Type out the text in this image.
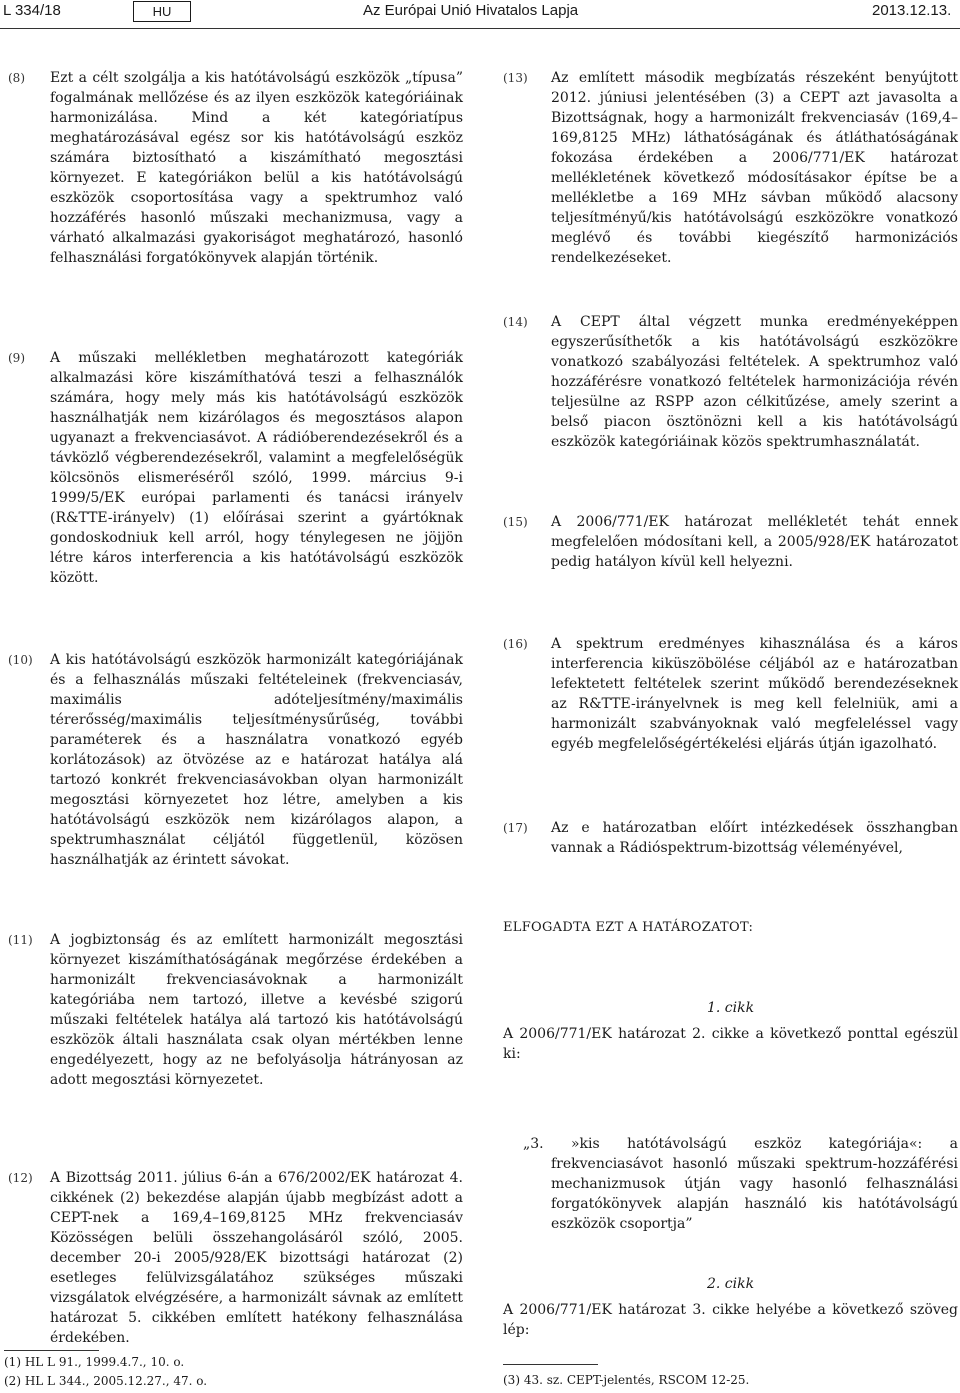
L 334/18	HU	Az Európai Unió Hivatalos Lapja	2013.12.13.
(8) Ezt a célt szolgálja a kis hatótávolságú eszközök „típusa” fogalmának mellőzése és az ilyen eszközök kategóriáinak harmonizálása. Mind a két kategóriatípus meghatározásával egész sor kis hatótávolságú eszköz számára biztosítható a kiszámítható megosztási környezet. E kategóriákon belül a kis hatótávolságú eszközök csoportosítása vagy a spektrumhoz való hozzáférés hasonló műszaki mechanizmusa, vagy a várható alkalmazási gyakoriságot meghatározó, hasonló felhasználási forgatókönyvek alapján történik.
(9) A műszaki mellékletben meghatározott kategóriák alkalmazási köre kiszámíthatóvá teszi a felhasználók számára, hogy mely más kis hatótávolságú eszközök használhatják nem kizárólagos és megosztásos alapon ugyanazt a frekvenciasávot. A rádióberendezésekről és a távközlő végberendezésekről, valamint a megfelelőségük kölcsönös elismeréséről szóló, 1999. március 9-i 1999/5/EK európai parlamenti és tanácsi irányelv (R&TTE-irányelv) (1) előírásai szerint a gyártóknak gondoskodniuk kell arról, hogy ténylegesen ne jöjjön létre káros interferencia a kis hatótávolságú eszközök között.
(10) A kis hatótávolságú eszközök harmonizált kategóriájának és a felhasználás műszaki feltételeinek (frekvenciasáv, maximális adóteljesítmény/maximális térerősség/maximális teljesítménysűrűség, további paraméterek és a használatra vonatkozó egyéb korlátozások) az ötvözése az e határozat hatálya alá tartozó konkrét frekvenciasávokban olyan harmonizált megosztási környezetet hoz létre, amelyben a kis hatótávolságú eszközök nem kizárólagos alapon, a spektrumhasználat céljától függetlenül, közösen használhatják az érintett sávokat.
(11) A jogbiztonság és az említett harmonizált megosztási környezet kiszámíthatóságának megőrzése érdekében a harmonizált frekvenciasávoknak a harmonizált kategóriába nem tartozó, illetve a kevésbé szigorú műszaki feltételek hatálya alá tartozó kis hatótávolságú eszközök általi használata csak olyan mértékben lenne engedélyezett, hogy az ne befolyásolja hátrányosan az adott megosztási környezetet.
(12) A Bizottság 2011. július 6-án a 676/2002/EK határozat 4. cikkének (2) bekezdése alapján újabb megbízást adott a CEPT-nek a 169,4–169,8125 MHz frekvenciasáv Közösségen belüli összehangolásáról szóló, 2005. december 20-i 2005/928/EK bizottsági határozat (2) esetleges felülvizsgálatához szükséges műszaki vizsgálatok elvégzésére, a harmonizált sávnak az említett határozat 5. cikkében említett hatékony felhasználása érdekében.
(13) Az említett második megbízatás részeként benyújtott 2012. júniusi jelentésében (3) a CEPT azt javasolta a Bizottságnak, hogy a harmonizált frekvenciasáv (169,4–169,8125 MHz) láthatóságának és átláthatóságának fokozása érdekében a 2006/771/EK határozat mellékletének következő módosításakor építse be a mellékletbe a 169 MHz sávban működő alacsony teljesítményű/kis hatótávolságú eszközökre vonatkozó meglévő és további kiegészítő harmonizációs rendelkezéseket.
(14) A CEPT által végzett munka eredményeképpen egyszerűsíthetők a kis hatótávolságú eszközökre vonatkozó szabályozási feltételek. A spektrumhoz való hozzáférésre vonatkozó feltételek harmonizációja révén teljesülne az RSPP azon célkitűzése, amely szerint a belső piacon ösztönözni kell a kis hatótávolságú eszközök kategóriáinak közös spektrumhasználatát.
(15) A 2006/771/EK határozat mellékletét tehát ennek megfelelően módosítani kell, a 2005/928/EK határozatot pedig hatályon kívül kell helyezni.
(16) A spektrum eredményes kihasználása és a káros interferencia kiküszöbölése céljából az e határozatban lefektetett feltételek szerint működő berendezéseknek az R&TTE-irányelvnek is meg kell felelniük, ami a harmonizált szabványoknak való megfeleléssel vagy egyéb megfelelőségértékelési eljárás útján igazolható.
(17) Az e határozatban előírt intézkedések összhangban vannak a Rádióspektrum-bizottság véleményével,
ELFOGADTA EZT A HATÁROZATOT:
1. cikk
A 2006/771/EK határozat 2. cikke a következő ponttal egészül ki:
„3. »kis hatótávolságú eszköz kategóriája«: a frekvenciasávot hasonló műszaki spektrum-hozzáférési mechanizmusok útján vagy hasonló felhasználási forgatókönyvek alapján használó kis hatótávolságú eszközök csoportja”
2. cikk
A 2006/771/EK határozat 3. cikke helyébe a következő szöveg lép:
(1) HL L 91., 1999.4.7., 10. o.
(2) HL L 344., 2005.12.27., 47. o.	(3) 43. sz. CEPT-jelentés, RSCOM 12-25.
